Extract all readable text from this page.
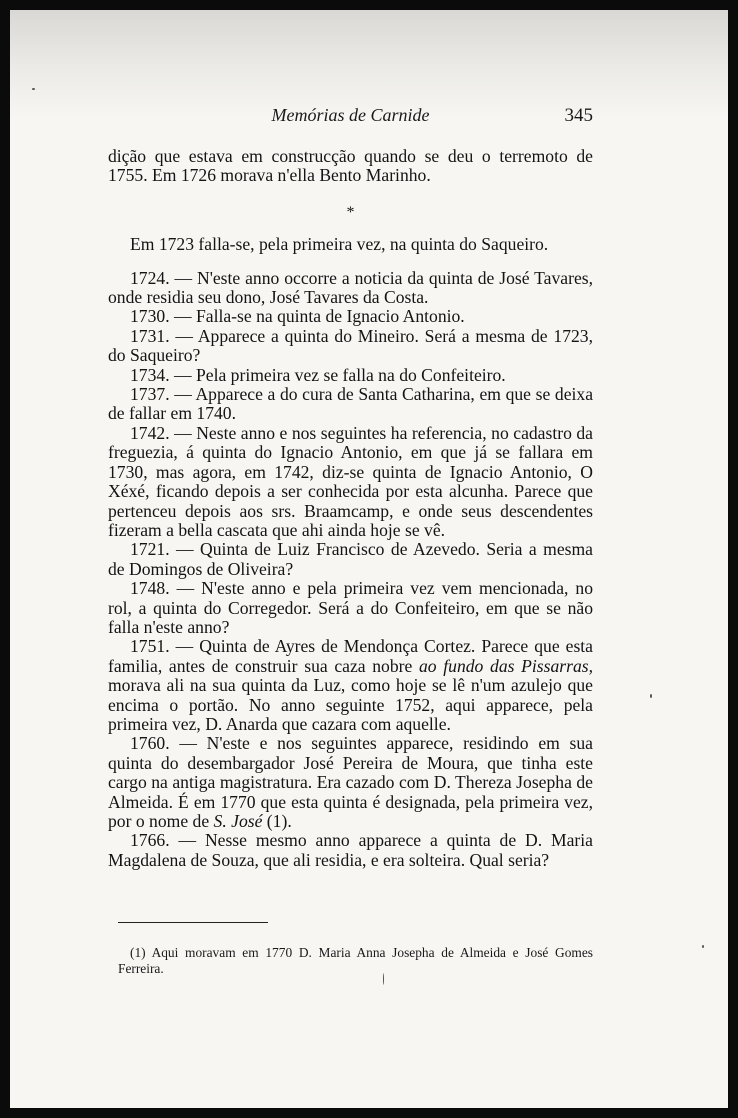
Memórias de Carnide	345

dição que estava em construcção quando se deu o terremoto de 1755. Em 1726 morava n'ella Bento Marinho.

*

Em 1723 falla-se, pela primeira vez, na quinta do Saqueiro.

1724. — N'este anno occorre a noticia da quinta de José Tavares, onde residia seu dono, José Tavares da Costa.

1730. — Falla-se na quinta de Ignacio Antonio.

1731. — Apparece a quinta do Mineiro. Será a mesma de 1723, do Saqueiro?

1734. — Pela primeira vez se falla na do Confeiteiro.

1737. — Apparece a do cura de Santa Catharina, em que se deixa de fallar em 1740.

1742. — Neste anno e nos seguintes ha referencia, no cadastro da freguezia, á quinta do Ignacio Antonio, em que já se fallara em 1730, mas agora, em 1742, diz-se quinta de Ignacio Antonio, O Xéxé, ficando depois a ser conhecida por esta alcunha. Parece que pertenceu depois aos srs. Braamcamp, e onde seus descendentes fizeram a bella cascata que ahi ainda hoje se vê.

1721. — Quinta de Luiz Francisco de Azevedo. Seria a mesma de Domingos de Oliveira?

1748. — N'este anno e pela primeira vez vem mencionada, no rol, a quinta do Corregedor. Será a do Confeiteiro, em que se não falla n'este anno?

1751. — Quinta de Ayres de Mendonça Cortez. Parece que esta familia, antes de construir sua caza nobre ao fundo das Pissarras, morava ali na sua quinta da Luz, como hoje se lê n'um azulejo que encima o portão. No anno seguinte 1752, aqui apparece, pela primeira vez, D. Anarda que cazara com aquelle.

1760. — N'este e nos seguintes apparece, residindo em sua quinta do desembargador José Pereira de Moura, que tinha este cargo na antiga magistratura. Era cazado com D. Thereza Josepha de Almeida. É em 1770 que esta quinta é designada, pela primeira vez, por o nome de S. José (1).

1766. — Nesse mesmo anno apparece a quinta de D. Maria Magdalena de Souza, que ali residia, e era solteira. Qual seria?

(1) Aqui moravam em 1770 D. Maria Anna Josepha de Almeida e José Gomes Ferreira.
